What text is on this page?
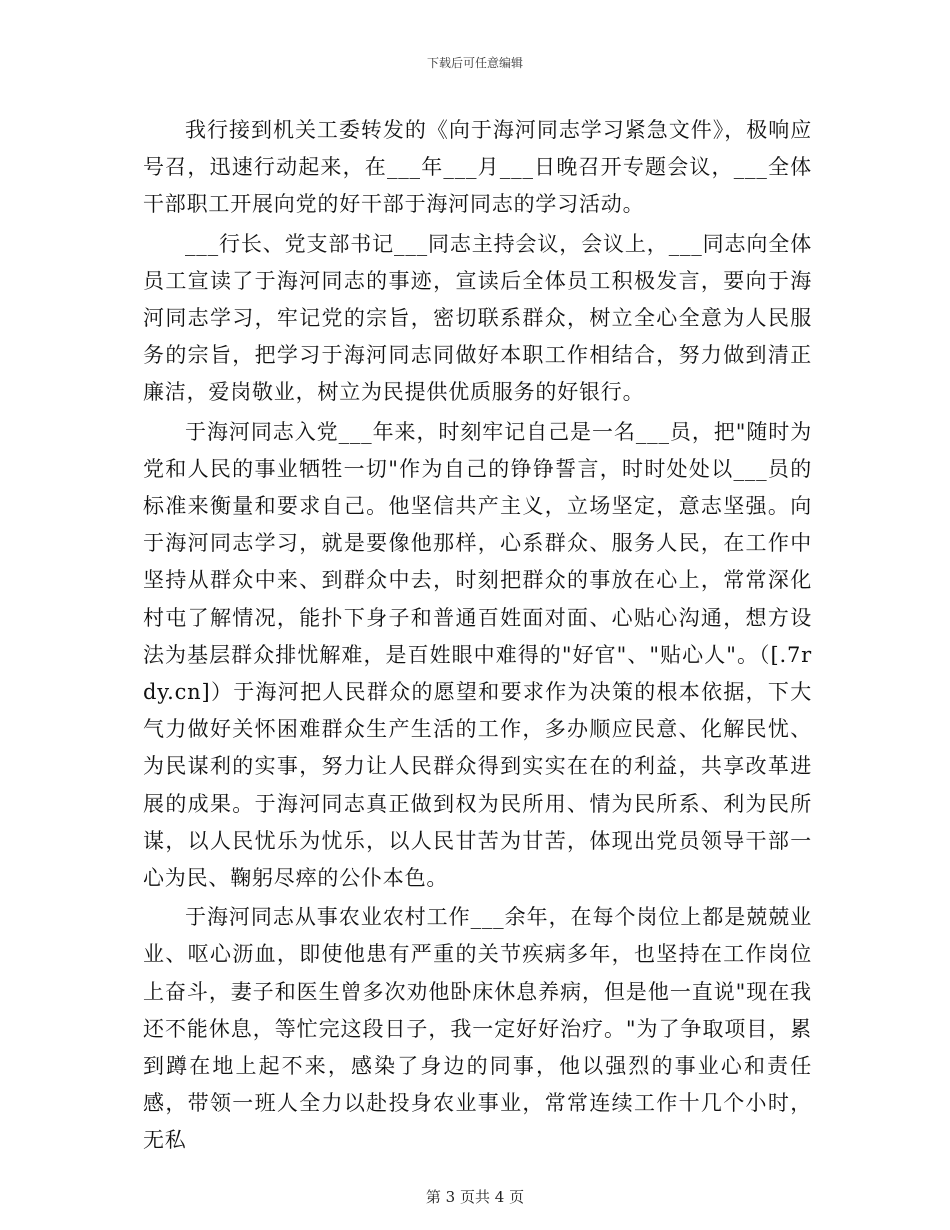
下载后可任意编辑

我行接到机关工委转发的《向于海河同志学习紧急文件》，极响应号召，迅速行动起来，在___年___月___日晚召开专题会议，___全体干部职工开展向党的好干部于海河同志的学习活动。

___行长、党支部书记___同志主持会议，会议上，___同志向全体员工宣读了于海河同志的事迹，宣读后全体员工积极发言，要向于海河同志学习，牢记党的宗旨，密切联系群众，树立全心全意为人民服务的宗旨，把学习于海河同志同做好本职工作相结合，努力做到清正廉洁，爱岗敬业，树立为民提供优质服务的好银行。

于海河同志入党___年来，时刻牢记自己是一名___员，把"随时为党和人民的事业牺牲一切"作为自己的铮铮誓言，时时处处以___员的标准来衡量和要求自己。他坚信共产主义，立场坚定，意志坚强。向于海河同志学习，就是要像他那样，心系群众、服务人民，在工作中坚持从群众中来、到群众中去，时刻把群众的事放在心上，常常深化村屯了解情况，能扑下身子和普通百姓面对面、心贴心沟通，想方设法为基层群众排忧解难，是百姓眼中难得的"好官"、"贴心人"。（[.7rdy.cn]）于海河把人民群众的愿望和要求作为决策的根本依据，下大气力做好关怀困难群众生产生活的工作，多办顺应民意、化解民忧、为民谋利的实事，努力让人民群众得到实实在在的利益，共享改革进展的成果。于海河同志真正做到权为民所用、情为民所系、利为民所谋，以人民忧乐为忧乐，以人民甘苦为甘苦，体现出党员领导干部一心为民、鞠躬尽瘁的公仆本色。

于海河同志从事农业农村工作___余年，在每个岗位上都是兢兢业业、呕心沥血，即使他患有严重的关节疾病多年，也坚持在工作岗位上奋斗，妻子和医生曾多次劝他卧床休息养病，但是他一直说"现在我还不能休息，等忙完这段日子，我一定好好治疗。"为了争取项目，累到蹲在地上起不来，感染了身边的同事，他以强烈的事业心和责任感，带领一班人全力以赴投身农业事业，常常连续工作十几个小时，无私

第 3 页共 4 页
